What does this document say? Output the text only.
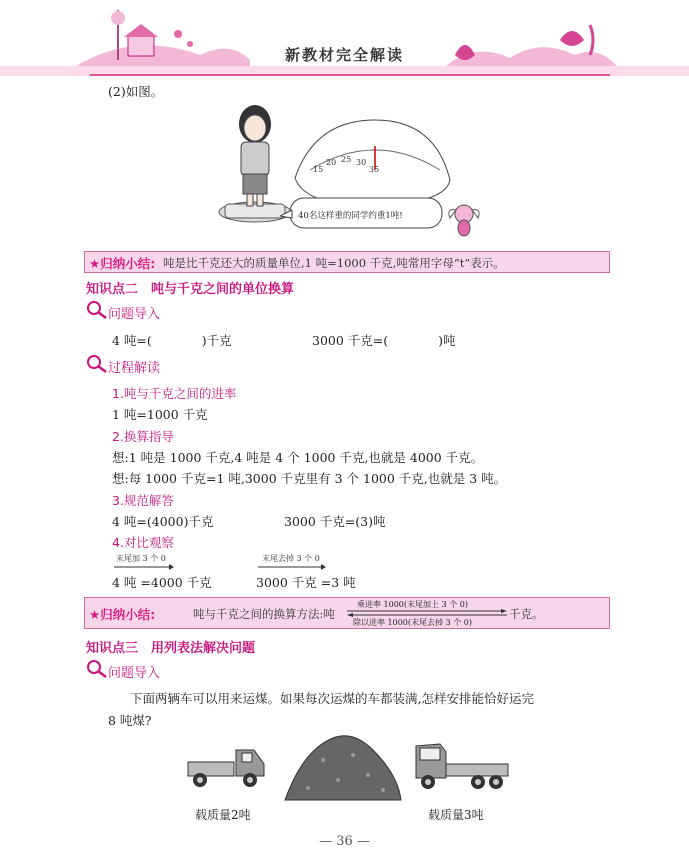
新教材完全解读
(2)如图。
15
20 25 30
35
40名这样重的同学约重1吨!
★归纳小结: 吨是比千克还大的质量单位,1 吨=1000 千克,吨常用字母“t”表示。
知识点二　吨与千克之间的单位换算
问题导入
4 吨=(　　　　)千克	3000 千克=(　　　　)吨
过程解读
1.吨与千克之间的进率
1 吨=1000 千克
2.换算指导
想:1 吨是 1000 千克,4 吨是 4 个 1000 千克,也就是 4000 千克。
想:每 1000 千克=1 吨,3000 千克里有 3 个 1000 千克,也就是 3 吨。
3.规范解答
4 吨=(4000)千克	3000 千克=(3)吨
4.对比观察
末尾加 3 个 0
4 吨 =4000 千克
末尾去掉 3 个 0
3000 千克 =3 吨
★归纳小结:	吨与千克之间的换算方法:吨
乘进率 1000(末尾加上 3 个 0)
除以进率 1000(末尾去掉 3 个 0)
千克。
知识点三　用列表法解决问题
问题导入
下面两辆车可以用来运煤。如果每次运煤的车都装满,怎样安排能恰好运完
8 吨煤?
载质量2吨	载质量3吨
— 36 —
